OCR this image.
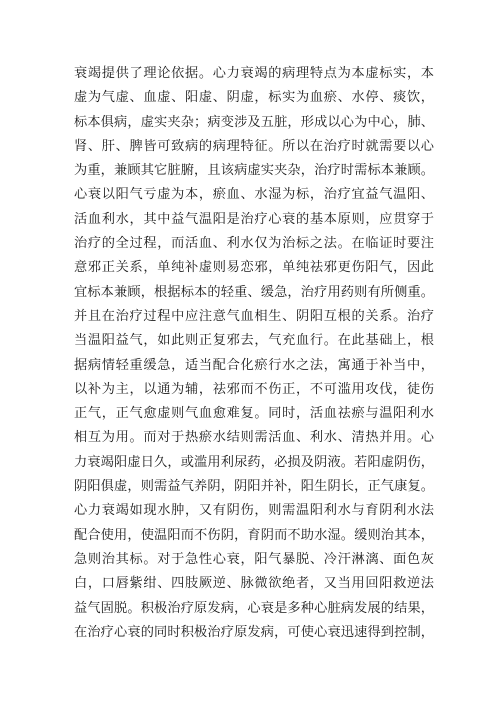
衰竭提供了理论依据。心力衰竭的病理特点为本虚标实，本
虚为气虚、血虚、阳虚、阴虚，标实为血瘀、水停、痰饮，
标本俱病，虚实夹杂；病变涉及五脏，形成以心为中心，肺、
肾、肝、脾皆可致病的病理特征。所以在治疗时就需要以心
为重，兼顾其它脏腑，且该病虚实夹杂，治疗时需标本兼顾。
心衰以阳气亏虚为本，瘀血、水湿为标，治疗宜益气温阳、
活血利水，其中益气温阳是治疗心衰的基本原则，应贯穿于
治疗的全过程，而活血、利水仅为治标之法。在临证时要注
意邪正关系，单纯补虚则易恋邪，单纯祛邪更伤阳气，因此
宜标本兼顾，根据标本的轻重、缓急，治疗用药则有所侧重。
并且在治疗过程中应注意气血相生、阴阳互根的关系。治疗
当温阳益气，如此则正复邪去，气充血行。在此基础上，根
据病情轻重缓急，适当配合化瘀行水之法，寓通于补当中，
以补为主，以通为辅，祛邪而不伤正，不可滥用攻伐，徒伤
正气，正气愈虚则气血愈难复。同时，活血祛瘀与温阳利水
相互为用。而对于热瘀水结则需活血、利水、清热并用。心
力衰竭阳虚日久，或滥用利尿药，必损及阴液。若阳虚阴伤，
阴阳俱虚，则需益气养阴，阴阳并补，阳生阴长，正气康复。
心力衰竭如现水肿，又有阴伤，则需温阳利水与育阴利水法
配合使用，使温阳而不伤阴，育阴而不助水湿。缓则治其本，
急则治其标。对于急性心衰，阳气暴脱、冷汗淋漓、面色灰
白，口唇紫绀、四肢厥逆、脉微欲绝者，又当用回阳救逆法
益气固脱。积极治疗原发病，心衰是多种心脏病发展的结果，
在治疗心衰的同时积极治疗原发病，可使心衰迅速得到控制，
